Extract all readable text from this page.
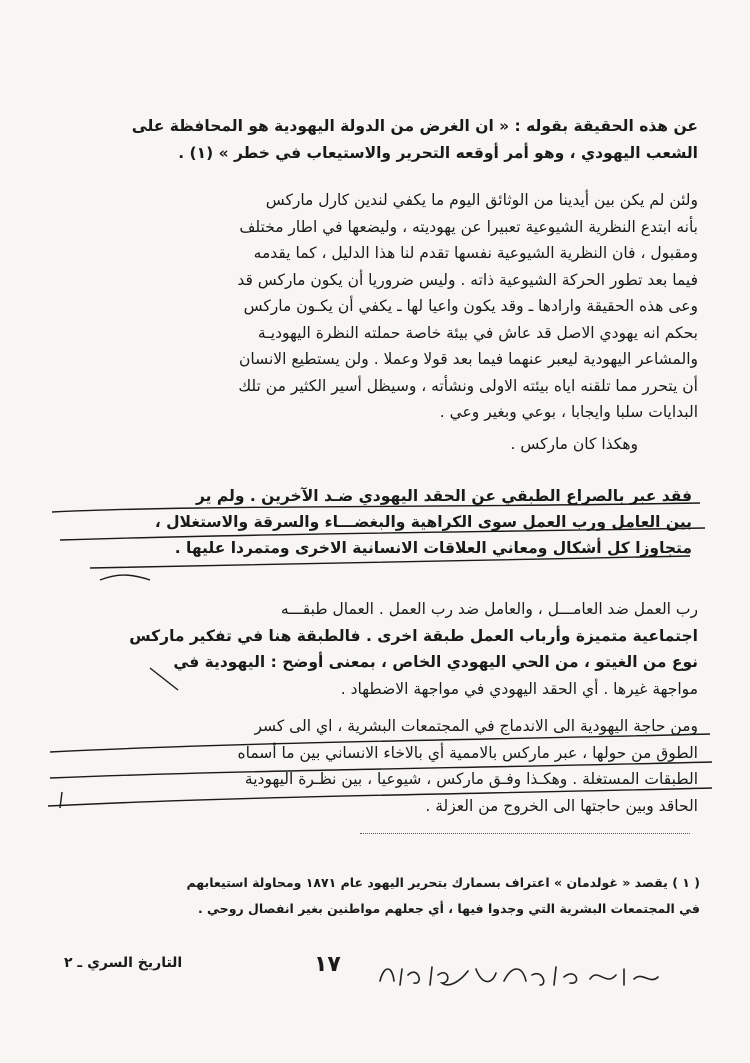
عن هذه الحقيقة بقوله : « ان الغرض من الدولة اليهودية هو المحافظة على
الشعب اليهودي ، وهو أمر أوقعه التحرير والاستيعاب في خطر » (١) .
ولئن لم يكن بين أيدينا من الوثائق اليوم ما يكفي لندين كارل ماركس
بأنه ابتدع النظرية الشيوعية تعبيرا عن يهوديته ، وليضعها في اطار مختلف
ومقبول ، فان النظرية الشيوعية نفسها تقدم لنا هذا الدليل ، كما يقدمه
فيما بعد تطور الحركة الشيوعية ذاته . وليس ضروريا أن يكون ماركس قد
وعى هذه الحقيقة وارادها ـ وقد يكون واعيا لها ـ يكفي أن يكـون ماركس
بحكم انه يهودي الاصل قد عاش في بيئة خاصة حملته النظرة اليهوديـة
والمشاعر اليهودية ليعبر عنهما فيما بعد قولا وعملا . ولن يستطيع الانسان
أن يتحرر مما تلقنه اياه بيئته الاولى ونشأته ، وسيظل أسير الكثير من تلك
البدايات سلبا وايجابا ، بوعي وبغير وعي .
وهكذا كان ماركس .
فقد عبر بالصراع الطبقي عن الحقد اليهودي ضـد الآخرين . ولم ير
بين العامل ورب العمل سوى الكراهية والبغضـــاء والسرقة والاستغلال ،
متجاوزا كل أشكال ومعاني العلاقات الانسانية الاخرى ومتمردا عليها .
رب العمل ضد العامـــل ، والعامل ضد رب العمل . العمال طبقـــه
اجتماعية متميزة وأرباب العمل طبقة اخرى . فالطبقة هنا في تفكير ماركس
نوع من الغيتو ، من الحي اليهودي الخاص ، بمعنى أوضح : اليهودية في
مواجهة غيرها . أي الحقد اليهودي في مواجهة الاضطهاد .
ومن حاجة اليهودية الى الاندماج في المجتمعات البشرية ، اي الى كسر
الطوق من حولها ، عبر ماركس بالاممية أي بالاخاء الانساني بين ما أسماه
الطبقات المستغلة . وهكـذا وفـق ماركس ، شيوعيا ، بين نظـرة اليهودية
الحاقد وبين حاجتها الى الخروج من العزلة .
( ١ ) يقصد « غولدمان » اعتراف بسمارك بتحرير اليهود عام ١٨٧١ ومحاولة استيعابهم
في المجتمعات البشرية التي وجدوا فيها ، أي جعلهم مواطنين بغير انفصال روحي .
التاريخ السري ـ ٢	١٧
